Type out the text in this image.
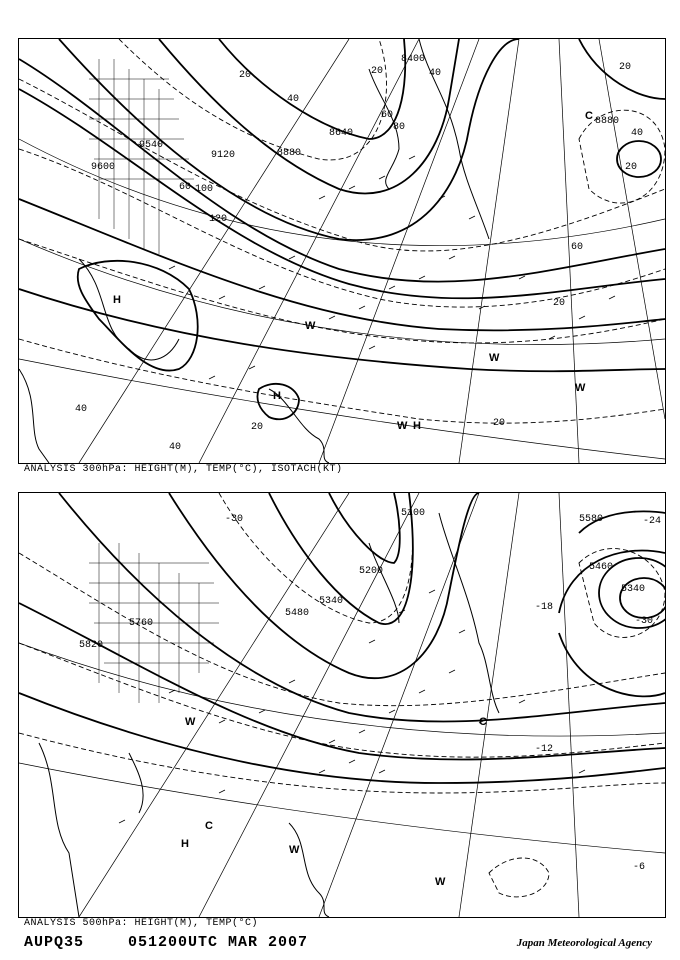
9600
9540
9120	8880
8640
8400
8880
20
40
60 100
120
20	40
60
80
40
20
20
40
40
20
60
20
20
H
H
W
W
W H
W
C
ANALYSIS 300hPa: HEIGHT(M), TEMP(°C), ISOTACH(KT)
5820
5760
5480
5340
5200
5100
5580
5460
5340
-30	-24
-18
-12
-30
-6
H
C
W
W
W
C
ANALYSIS 500hPa: HEIGHT(M), TEMP(°C)
AUPQ35	051200UTC MAR 2007	Japan Meteorological Agency
